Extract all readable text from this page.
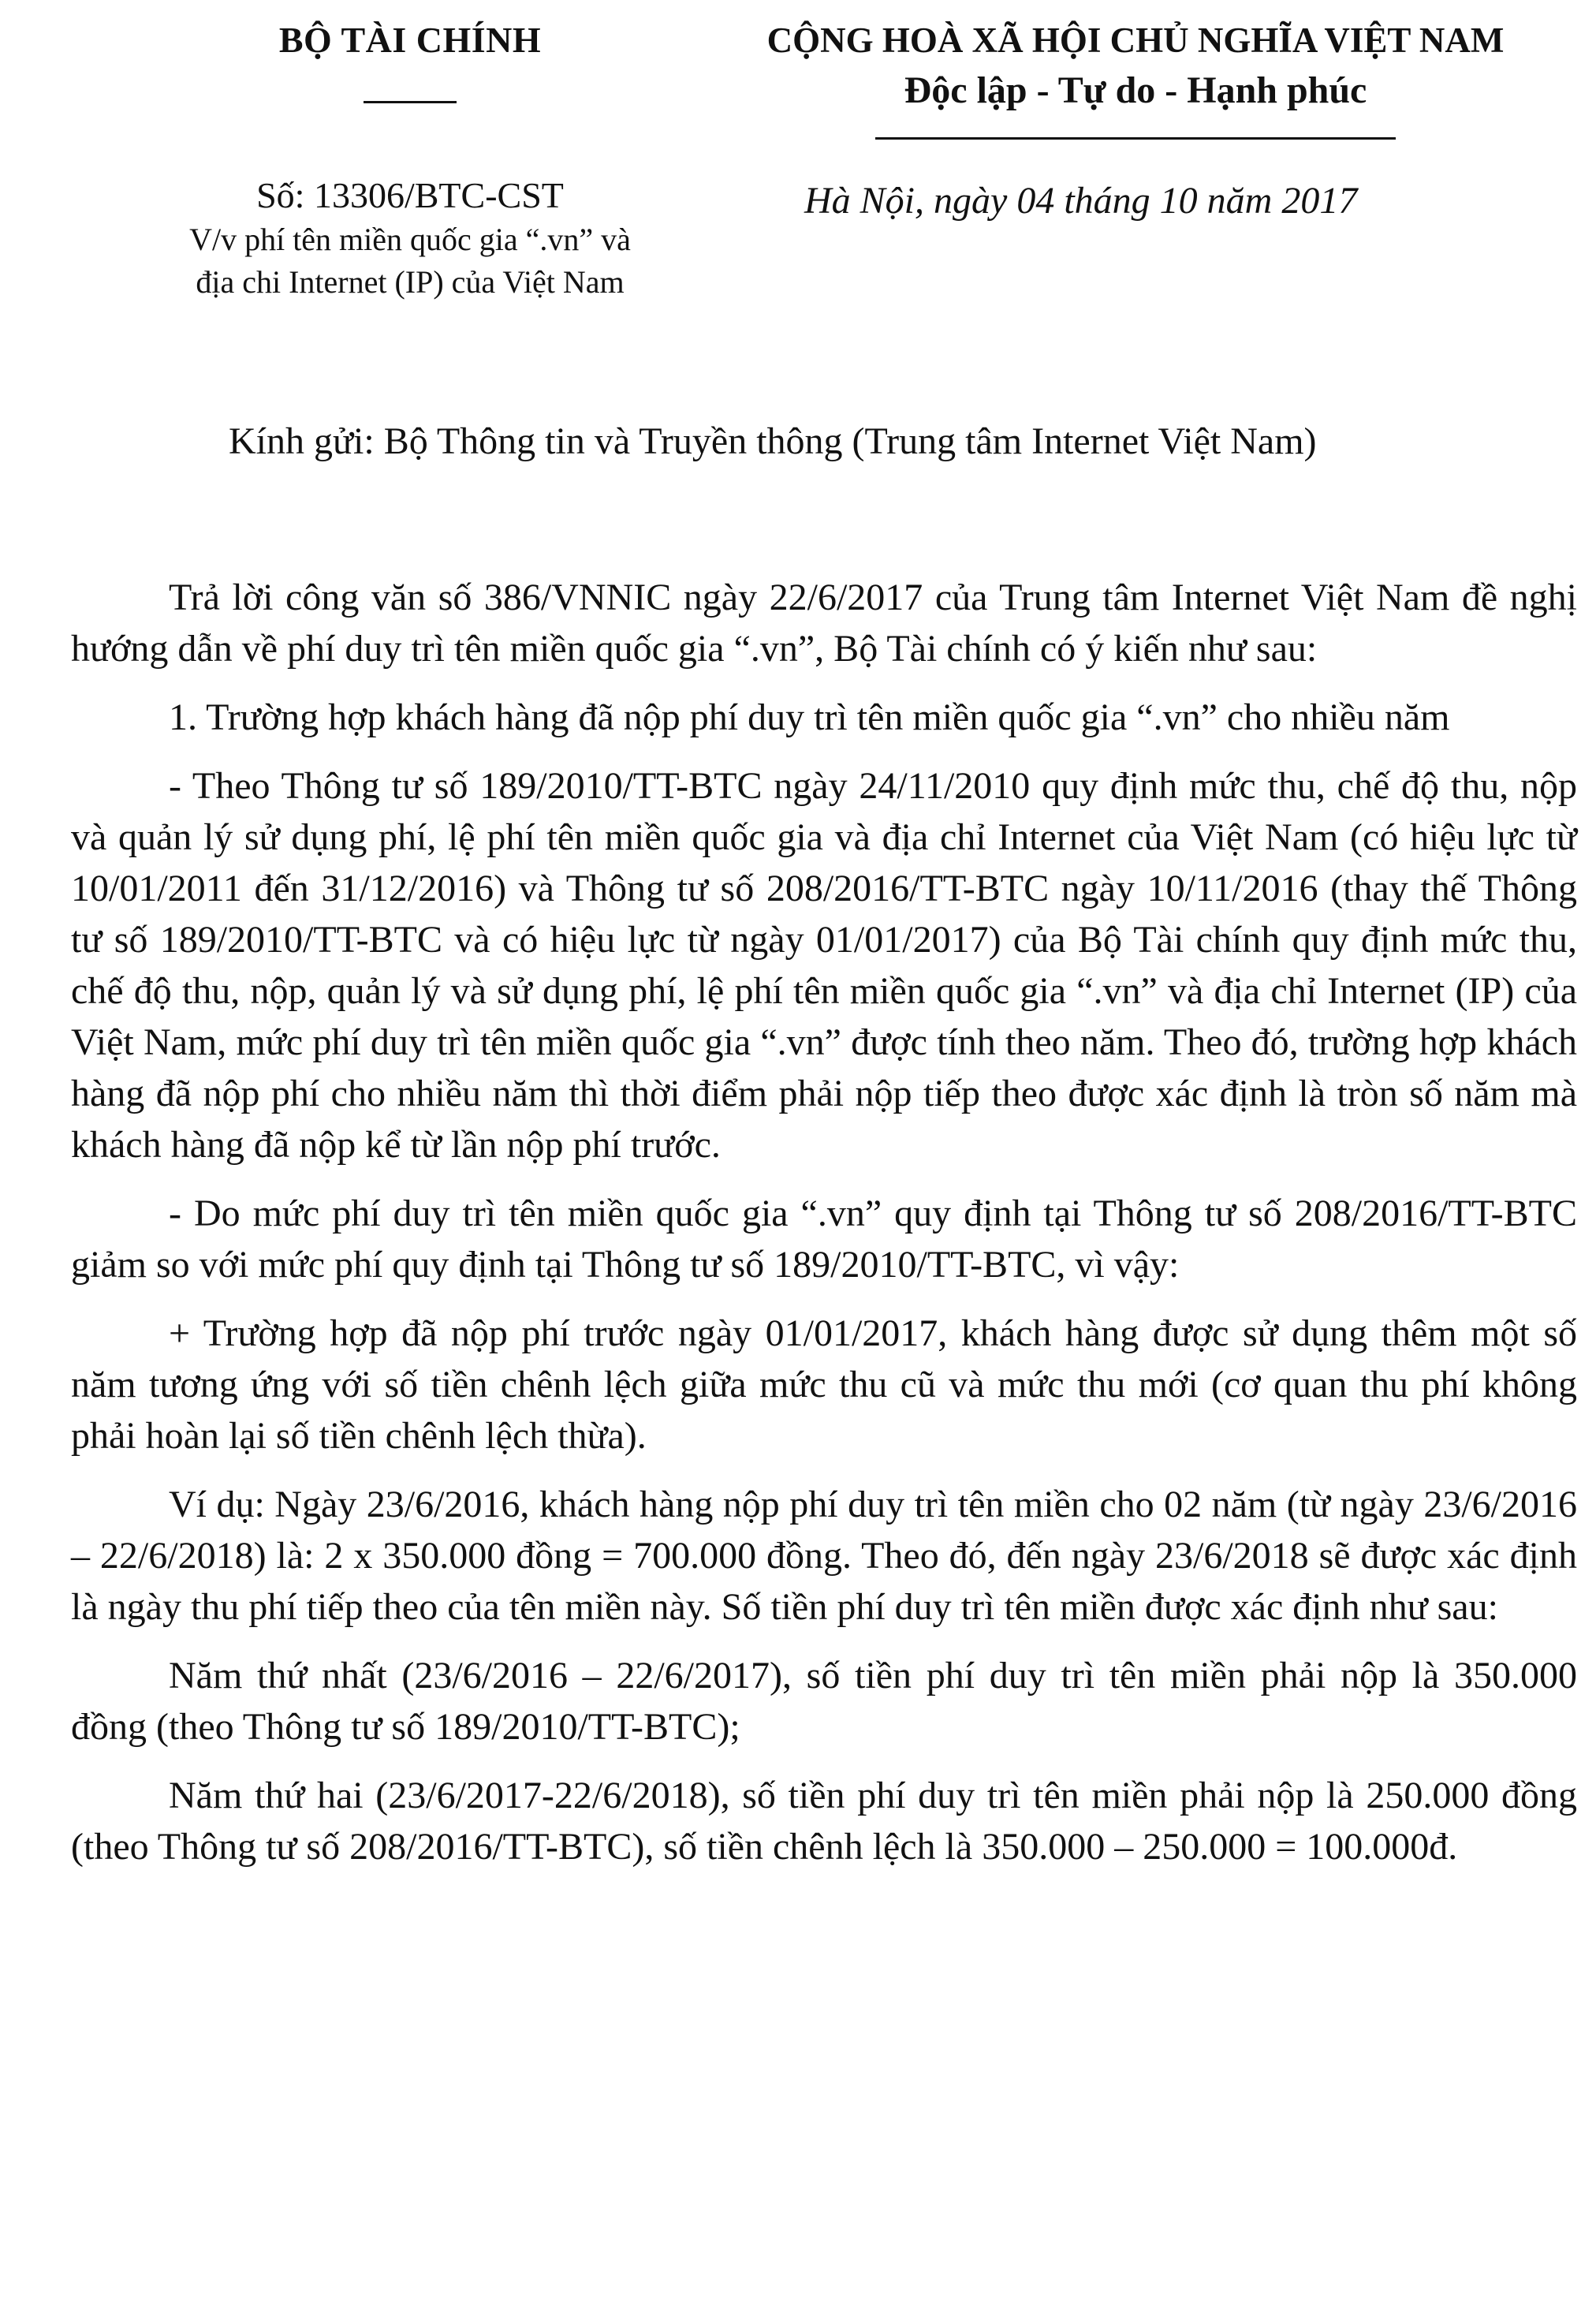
BỘ TÀI CHÍNH
Số: 13306/BTC-CST
V/v phí tên miền quốc gia “.vn” và
địa chi Internet (IP) của Việt Nam
CỘNG HOÀ XÃ HỘI CHỦ NGHĨA VIỆT NAM
Độc lập - Tự do - Hạnh phúc
Hà Nội, ngày 04 tháng 10 năm 2017
Kính gửi: Bộ Thông tin và Truyền thông (Trung tâm Internet Việt Nam)

Trả lời công văn số 386/VNNIC ngày 22/6/2017 của Trung tâm Internet Việt Nam đề nghị hướng dẫn về phí duy trì tên miền quốc gia “.vn”, Bộ Tài chính có ý kiến như sau:

1. Trường hợp khách hàng đã nộp phí duy trì tên miền quốc gia “.vn” cho nhiều năm

- Theo Thông tư số 189/2010/TT-BTC ngày 24/11/2010 quy định mức thu, chế độ thu, nộp và quản lý sử dụng phí, lệ phí tên miền quốc gia và địa chỉ Internet của Việt Nam (có hiệu lực từ 10/01/2011 đến 31/12/2016) và Thông tư số 208/2016/TT-BTC ngày 10/11/2016 (thay thế Thông tư số 189/2010/TT-BTC và có hiệu lực từ ngày 01/01/2017) của Bộ Tài chính quy định mức thu, chế độ thu, nộp, quản lý và sử dụng phí, lệ phí tên miền quốc gia “.vn” và địa chỉ Internet (IP) của Việt Nam, mức phí duy trì tên miền quốc gia “.vn” được tính theo năm. Theo đó, trường hợp khách hàng đã nộp phí cho nhiều năm thì thời điểm phải nộp tiếp theo được xác định là tròn số năm mà khách hàng đã nộp kể từ lần nộp phí trước.

- Do mức phí duy trì tên miền quốc gia “.vn” quy định tại Thông tư số 208/2016/TT-BTC giảm so với mức phí quy định tại Thông tư số 189/2010/TT-BTC, vì vậy:

+ Trường hợp đã nộp phí trước ngày 01/01/2017, khách hàng được sử dụng thêm một số năm tương ứng với số tiền chênh lệch giữa mức thu cũ và mức thu mới (cơ quan thu phí không phải hoàn lại số tiền chênh lệch thừa).

Ví dụ: Ngày 23/6/2016, khách hàng nộp phí duy trì tên miền cho 02 năm (từ ngày 23/6/2016 – 22/6/2018) là: 2 x 350.000 đồng = 700.000 đồng. Theo đó, đến ngày 23/6/2018 sẽ được xác định là ngày thu phí tiếp theo của tên miền này. Số tiền phí duy trì tên miền được xác định như sau:

Năm thứ nhất (23/6/2016 – 22/6/2017), số tiền phí duy trì tên miền phải nộp là 350.000 đồng (theo Thông tư số 189/2010/TT-BTC);

Năm thứ hai (23/6/2017-22/6/2018), số tiền phí duy trì tên miền phải nộp là 250.000 đồng (theo Thông tư số 208/2016/TT-BTC), số tiền chênh lệch là 350.000 – 250.000 = 100.000đ.
